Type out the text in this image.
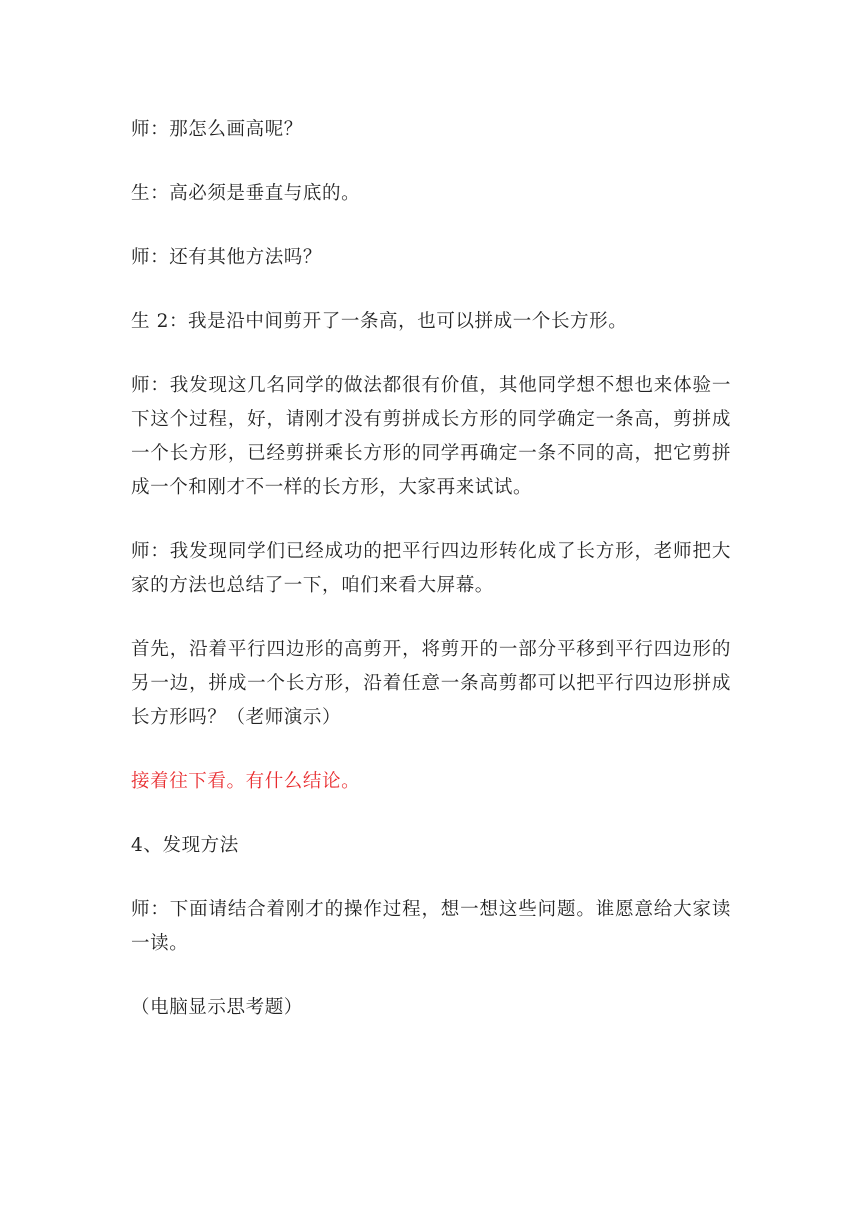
师：那怎么画高呢？

生：高必须是垂直与底的。

师：还有其他方法吗？

生 2：我是沿中间剪开了一条高，也可以拼成一个长方形。

师：我发现这几名同学的做法都很有价值，其他同学想不想也来体验一下这个过程，好，请刚才没有剪拼成长方形的同学确定一条高，剪拼成一个长方形，已经剪拼乘长方形的同学再确定一条不同的高，把它剪拼成一个和刚才不一样的长方形，大家再来试试。

师：我发现同学们已经成功的把平行四边形转化成了长方形，老师把大家的方法也总结了一下，咱们来看大屏幕。

首先，沿着平行四边形的高剪开，将剪开的一部分平移到平行四边形的另一边，拼成一个长方形，沿着任意一条高剪都可以把平行四边形拼成长方形吗？（老师演示）

接着往下看。有什么结论。

4、发现方法

师：下面请结合着刚才的操作过程，想一想这些问题。谁愿意给大家读一读。

（电脑显示思考题）
